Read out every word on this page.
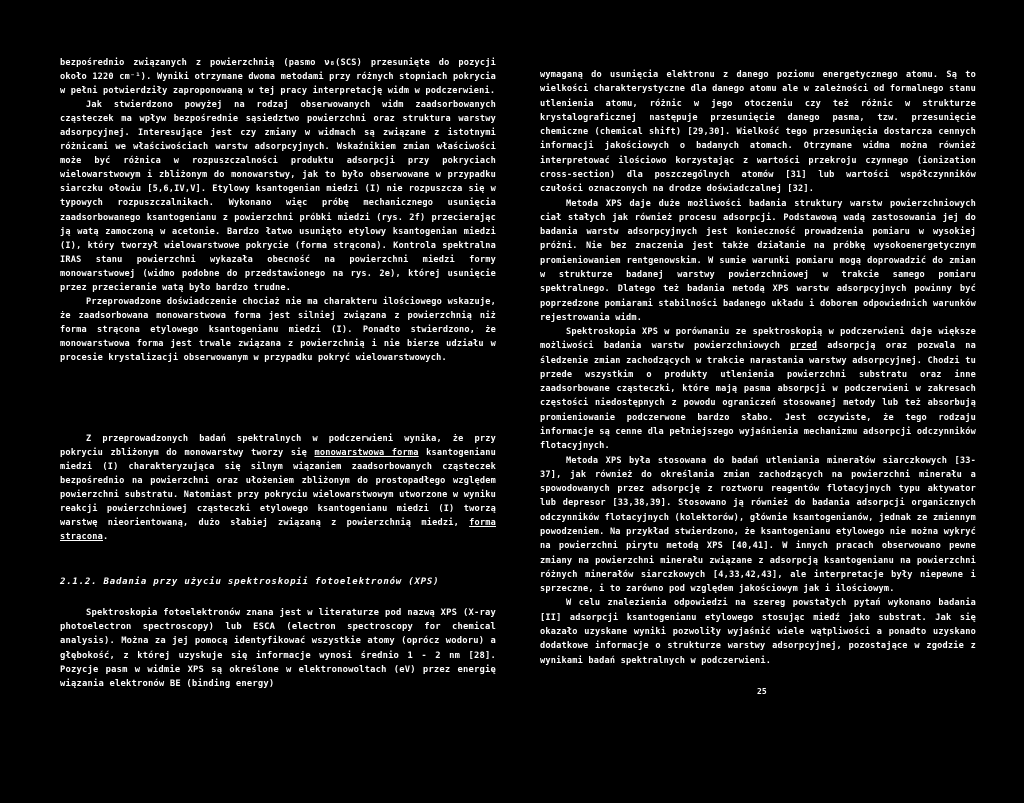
bezpośrednio związanych z powierzchnią (pasmo ν₈(SCS) przesunięte do pozycji około 1220 cm⁻¹). Wyniki otrzymane dwoma metodami przy różnych stopniach pokrycia w pełni potwierdziły zaproponowaną w tej pracy interpretację widm w podczerwieni.

Jak stwierdzono powyżej na rodzaj obserwowanych widm zaadsorbowanych cząsteczek ma wpływ bezpośrednie sąsiedztwo powierzchni oraz struktura warstwy adsorpcyjnej. Interesujące jest czy zmiany w widmach są związane z istotnymi różnicami we właściwościach warstw adsorpcyjnych. Wskaźnikiem zmian właściwości może być różnica w rozpuszczalności produktu adsorpcji przy pokryciach wielowarstwowym i zbliżonym do monowarstwy, jak to było obserwowane w przypadku siarczku ołowiu [5,6,IV,V]. Etylowy ksantogenian miedzi (I) nie rozpuszcza się w typowych rozpuszczalnikach. Wykonano więc próbę mechanicznego usunięcia zaadsorbowanego ksantogenianu z powierzchni próbki miedzi (rys. 2f) przecierając ją watą zamoczoną w acetonie. Bardzo łatwo usunięto etylowy ksantogenian miedzi (I), który tworzył wielowarstwowe pokrycie (forma strącona). Kontrola spektralna IRAS stanu powierzchni wykazała obecność na powierzchni miedzi formy monowarstwowej (widmo podobne do przedstawionego na rys. 2e), której usunięcie przez przecieranie watą było bardzo trudne.

Przeprowadzone doświadczenie chociaż nie ma charakteru ilościowego wskazuje, że zaadsorbowana monowarstwowa forma jest silniej związana z powierzchnią niż forma strącona etylowego ksantogenianu miedzi (I). Ponadto stwierdzono, że monowarstwowa forma jest trwale związana z powierzchnią i nie bierze udziału w procesie krystalizacji obserwowanym w przypadku pokryć wielowarstwowych.

Z przeprowadzonych badań spektralnych w podczerwieni wynika, że przy pokryciu zbliżonym do monowarstwy tworzy się monowarstwowa forma ksantogenianu miedzi (I) charakteryzująca się silnym wiązaniem zaadsorbowanych cząsteczek bezpośrednio na powierzchni oraz ułożeniem zbliżonym do prostopadłego względem powierzchni substratu. Natomiast przy pokryciu wielowarstwowym utworzone w wyniku reakcji powierzchniowej cząsteczki etylowego ksantogenianu miedzi (I) tworzą warstwę nieorientowaną, dużo słabiej związaną z powierzchnią miedzi, forma strącona.

2.1.2. Badania przy użyciu spektroskopii fotoelektronów (XPS)

Spektroskopia fotoelektronów znana jest w literaturze pod nazwą XPS (X-ray photoelectron spectroscopy) lub ESCA (electron spectroscopy for chemical analysis). Można za jej pomocą identyfikować wszystkie atomy (oprócz wodoru) a głębokość, z której uzyskuje się informacje wynosi średnio 1 - 2 nm [28]. Pozycje pasm w widmie XPS są określone w elektronowoltach (eV) przez energię wiązania elektronów BE (binding energy)

wymaganą do usunięcia elektronu z danego poziomu energetycznego atomu. Są to wielkości charakterystyczne dla danego atomu ale w zależności od formalnego stanu utlenienia atomu, różnic w jego otoczeniu czy też różnic w strukturze krystalograficznej następuje przesunięcie danego pasma, tzw. przesunięcie chemiczne (chemical shift) [29,30]. Wielkość tego przesunięcia dostarcza cennych informacji jakościowych o badanych atomach. Otrzymane widma można również interpretować ilościowo korzystając z wartości przekroju czynnego (ionization cross-section) dla poszczególnych atomów [31] lub wartości współczynników czułości oznaczonych na drodze doświadczalnej [32].

Metoda XPS daje duże możliwości badania struktury warstw powierzchniowych ciał stałych jak również procesu adsorpcji. Podstawową wadą zastosowania jej do badania warstw adsorpcyjnych jest konieczność prowadzenia pomiaru w wysokiej próżni. Nie bez znaczenia jest także działanie na próbkę wysokoenergetycznym promieniowaniem rentgenowskim. W sumie warunki pomiaru mogą doprowadzić do zmian w strukturze badanej warstwy powierzchniowej w trakcie samego pomiaru spektralnego. Dlatego też badania metodą XPS warstw adsorpcyjnych powinny być poprzedzone pomiarami stabilności badanego układu i doborem odpowiednich warunków rejestrowania widm.

Spektroskopia XPS w porównaniu ze spektroskopią w podczerwieni daje większe możliwości badania warstw powierzchniowych przed adsorpcją oraz pozwala na śledzenie zmian zachodzących w trakcie narastania warstwy adsorpcyjnej. Chodzi tu przede wszystkim o produkty utlenienia powierzchni substratu oraz inne zaadsorbowane cząsteczki, które mają pasma absorpcji w podczerwieni w zakresach częstości niedostępnych z powodu ograniczeń stosowanej metody lub też absorbują promieniowanie podczerwone bardzo słabo. Jest oczywiste, że tego rodzaju informacje są cenne dla pełniejszego wyjaśnienia mechanizmu adsorpcji odczynników flotacyjnych.

Metoda XPS była stosowana do badań utleniania minerałów siarczkowych [33-37], jak również do określania zmian zachodzących na powierzchni minerału a spowodowanych przez adsorpcję z roztworu reagentów flotacyjnych typu aktywator lub depresor [33,38,39]. Stosowano ją również do badania adsorpcji organicznych odczynników flotacyjnych (kolektorów), głównie ksantogenianów, jednak ze zmiennym powodzeniem. Na przykład stwierdzono, że ksantogenianu etylowego nie można wykryć na powierzchni pirytu metodą XPS [40,41]. W innych pracach obserwowano pewne zmiany na powierzchni minerału związane z adsorpcją ksantogenianu na powierzchni różnych minerałów siarczkowych [4,33,42,43], ale interpretacje były niepewne i sprzeczne, i to zarówno pod względem jakościowym jak i ilościowym.

W celu znalezienia odpowiedzi na szereg powstałych pytań wykonano badania [II] adsorpcji ksantogenianu etylowego stosując miedź jako substrat. Jak się okazało uzyskane wyniki pozwoliły wyjaśnić wiele wątpliwości a ponadto uzyskano dodatkowe informacje o strukturze warstwy adsorpcyjnej, pozostające w zgodzie z wynikami badań spektralnych w podczerwieni.

25
